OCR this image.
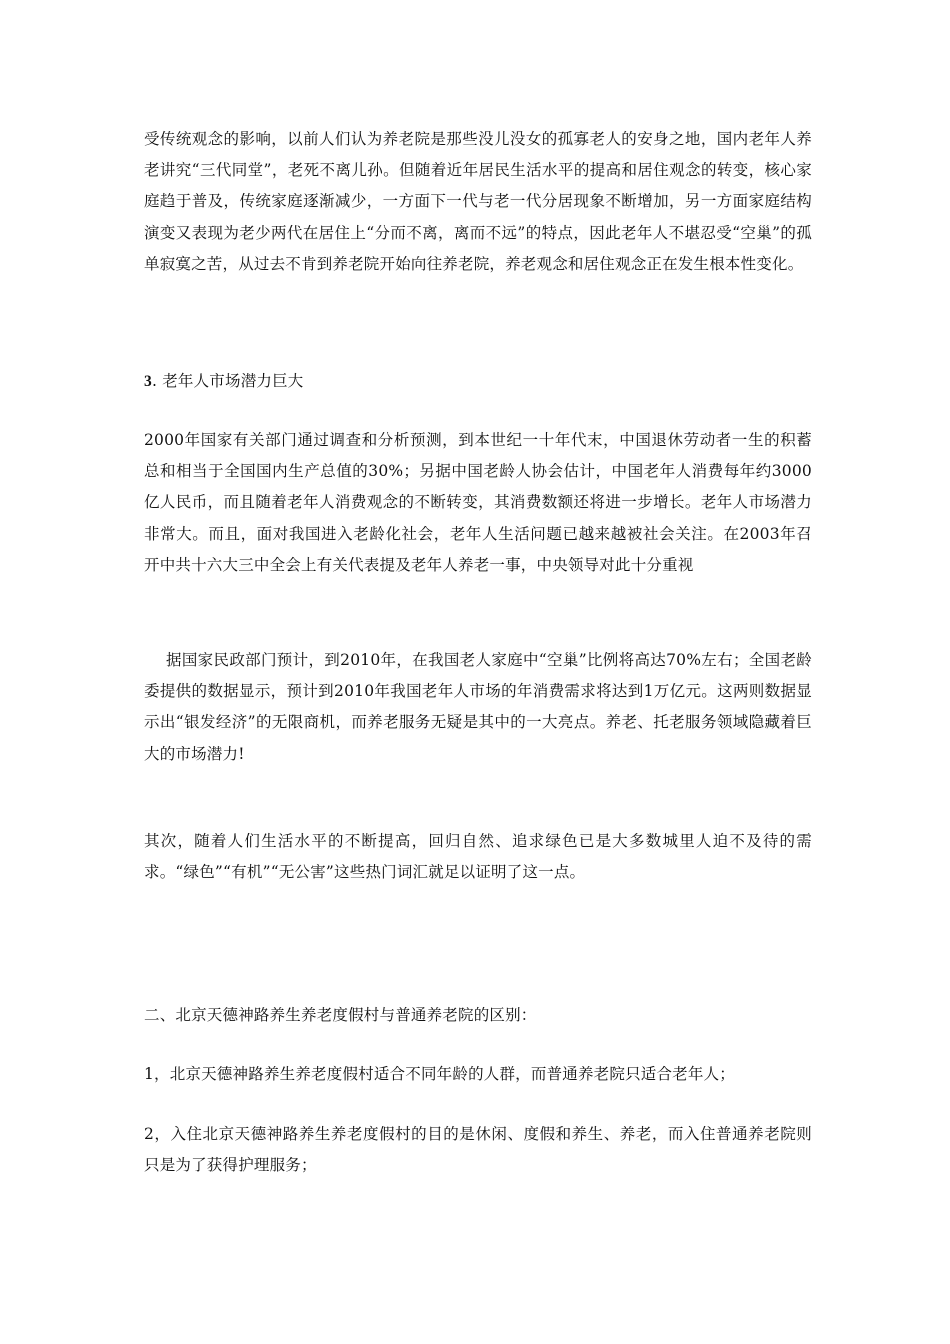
受传统观念的影响，以前人们认为养老院是那些没儿没女的孤寡老人的安身之地，国内老年人养老讲究“三代同堂”，老死不离儿孙。但随着近年居民生活水平的提高和居住观念的转变，核心家庭趋于普及，传统家庭逐渐减少，一方面下一代与老一代分居现象不断增加，另一方面家庭结构演变又表现为老少两代在居住上“分而不离，离而不远”的特点，因此老年人不堪忍受“空巢”的孤单寂寞之苦，从过去不肯到养老院开始向往养老院，养老观念和居住观念正在发生根本性变化。

3. 老年人市场潜力巨大

2000年国家有关部门通过调查和分析预测，到本世纪一十年代末，中国退休劳动者一生的积蓄总和相当于全国国内生产总值的30%；另据中国老龄人协会估计，中国老年人消费每年约3000亿人民币，而且随着老年人消费观念的不断转变，其消费数额还将进一步增长。老年人市场潜力非常大。而且，面对我国进入老龄化社会，老年人生活问题已越来越被社会关注。在2003年召开中共十六大三中全会上有关代表提及老年人养老一事，中央领导对此十分重视

据国家民政部门预计，到2010年，在我国老人家庭中“空巢”比例将高达70%左右；全国老龄委提供的数据显示，预计到2010年我国老年人市场的年消费需求将达到1万亿元。这两则数据显示出“银发经济”的无限商机，而养老服务无疑是其中的一大亮点。养老、托老服务领域隐藏着巨大的市场潜力!

其次，随着人们生活水平的不断提高，回归自然、追求绿色已是大多数城里人迫不及待的需求。“绿色”“有机”“无公害”这些热门词汇就足以证明了这一点。

二、北京天德神路养生养老度假村与普通养老院的区别：

1，北京天德神路养生养老度假村适合不同年龄的人群，而普通养老院只适合老年人；

2，入住北京天德神路养生养老度假村的目的是休闲、度假和养生、养老，而入住普通养老院则只是为了获得护理服务；
